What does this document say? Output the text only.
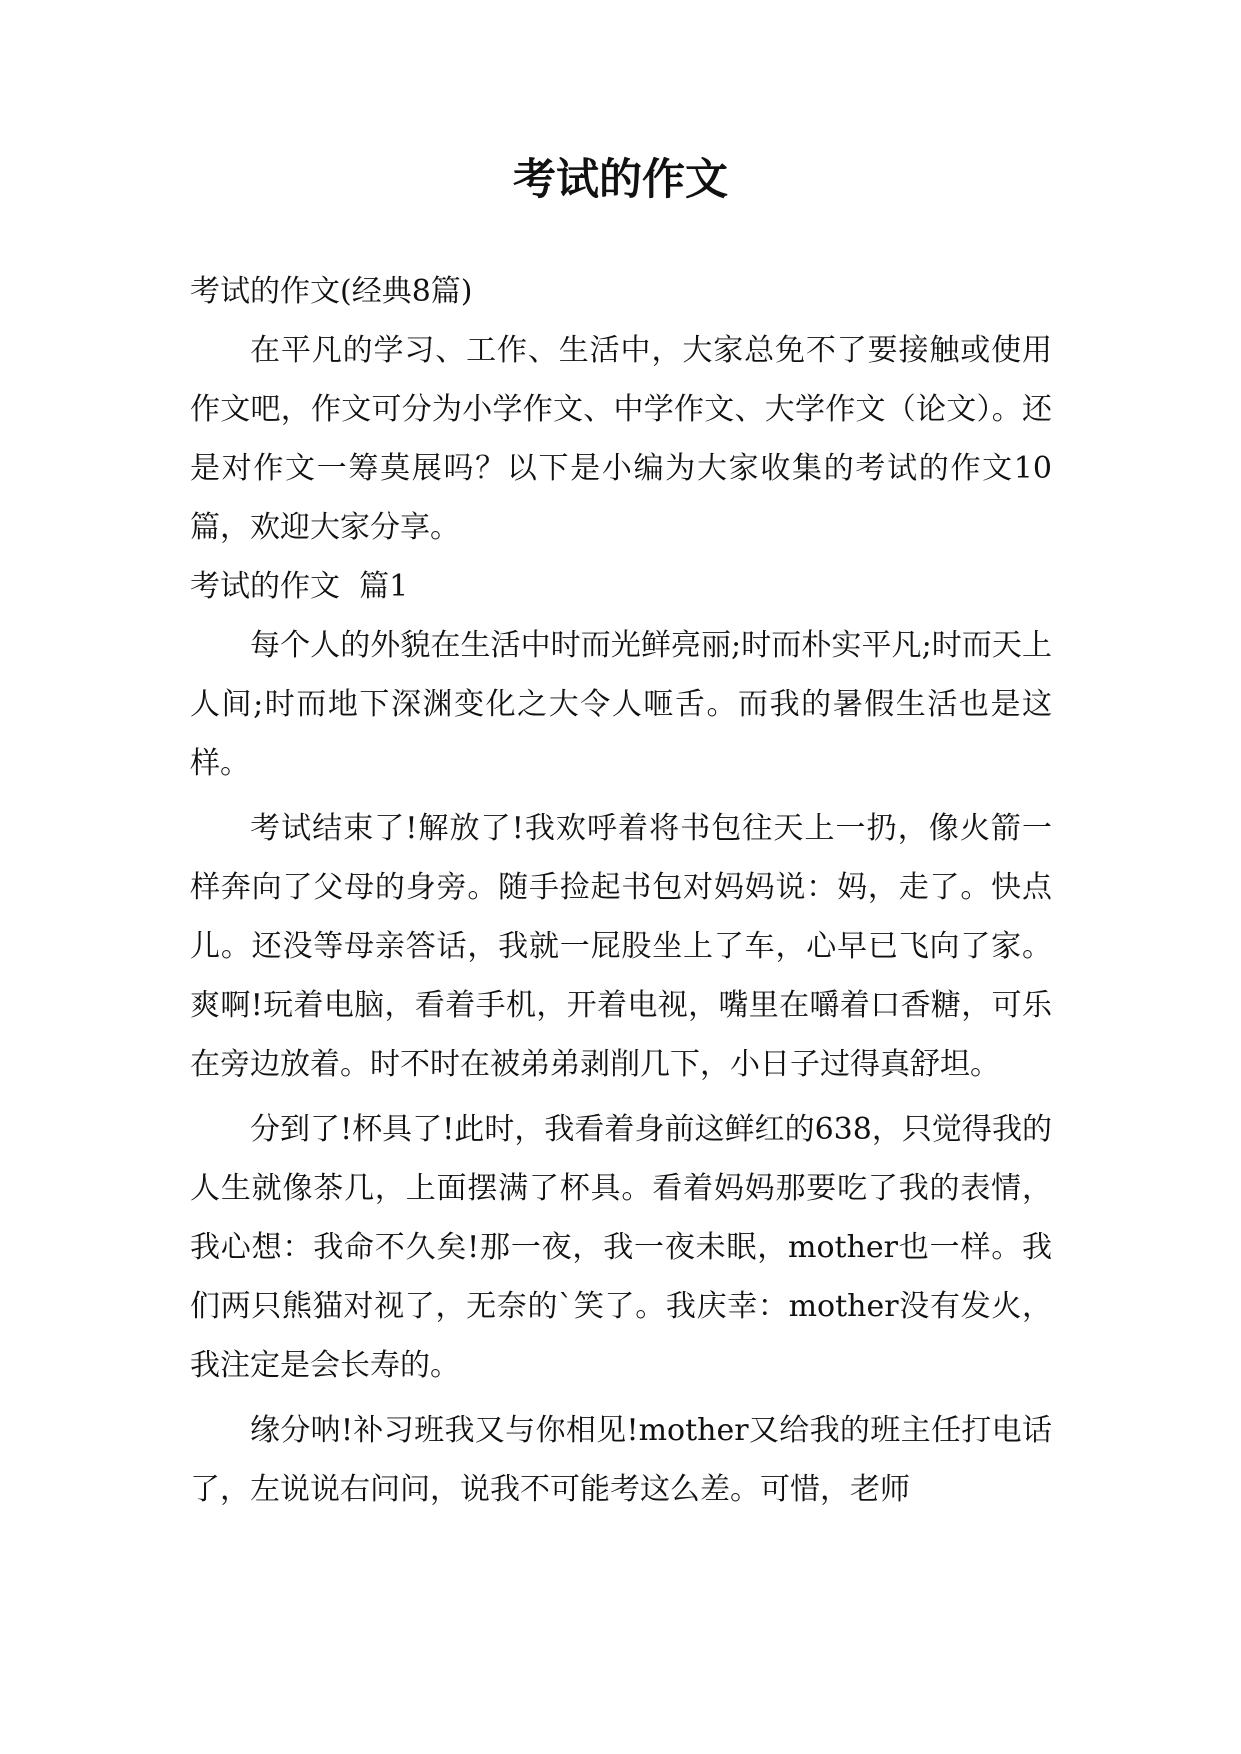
考试的作文

考试的作文(经典8篇)

在平凡的学习、工作、生活中，大家总免不了要接触或使用作文吧，作文可分为小学作文、中学作文、大学作文（论文）。还是对作文一筹莫展吗？以下是小编为大家收集的考试的作文10篇，欢迎大家分享。

考试的作文  篇1

每个人的外貌在生活中时而光鲜亮丽;时而朴实平凡;时而天上人间;时而地下深渊变化之大令人咂舌。而我的暑假生活也是这样。

考试结束了!解放了!我欢呼着将书包往天上一扔，像火箭一样奔向了父母的身旁。随手捡起书包对妈妈说：妈，走了。快点儿。还没等母亲答话，我就一屁股坐上了车，心早已飞向了家。爽啊!玩着电脑，看着手机，开着电视，嘴里在嚼着口香糖，可乐在旁边放着。时不时在被弟弟剥削几下，小日子过得真舒坦。

分到了!杯具了!此时，我看着身前这鲜红的638，只觉得我的人生就像茶几，上面摆满了杯具。看着妈妈那要吃了我的表情，我心想：我命不久矣!那一夜，我一夜未眠，mother也一样。我们两只熊猫对视了，无奈的`笑了。我庆幸：mother没有发火，我注定是会长寿的。

缘分呐!补习班我又与你相见!mother又给我的班主任打电话了，左说说右问问，说我不可能考这么差。可惜，老师
